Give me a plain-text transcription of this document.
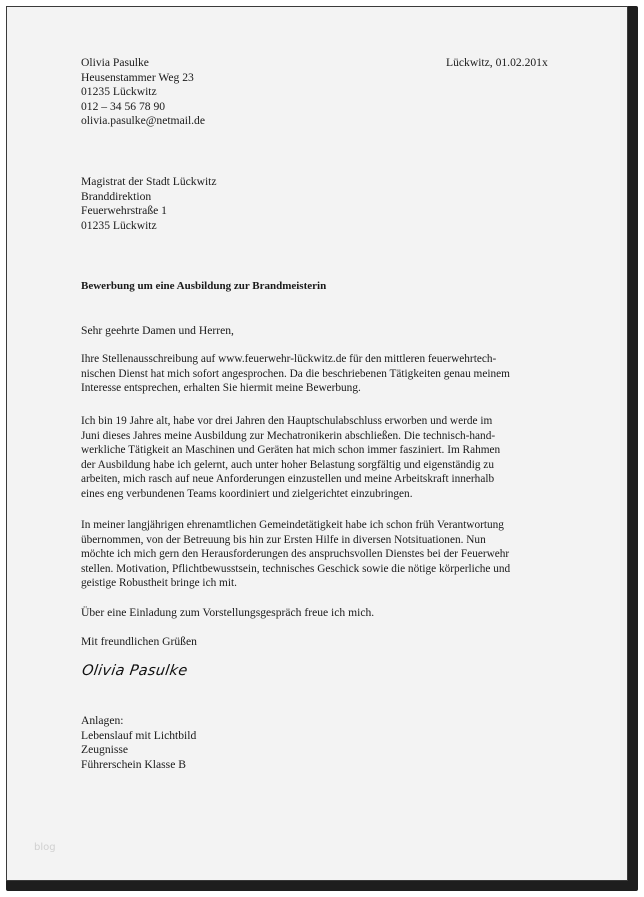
Olivia Pasulke
Heusenstammer Weg 23
01235 Lückwitz
012 – 34 56 78 90
olivia.pasulke@netmail.de
Lückwitz, 01.02.201x
Magistrat der Stadt Lückwitz
Branddirektion
Feuerwehrstraße 1
01235 Lückwitz
Bewerbung um eine Ausbildung zur Brandmeisterin
Sehr geehrte Damen und Herren,
Ihre Stellenausschreibung auf www.feuerwehr-lückwitz.de für den mittleren feuerwehrtech-
nischen Dienst hat mich sofort angesprochen. Da die beschriebenen Tätigkeiten genau meinem
Interesse entsprechen, erhalten Sie hiermit meine Bewerbung.
Ich bin 19 Jahre alt, habe vor drei Jahren den Hauptschulabschluss erworben und werde im
Juni dieses Jahres meine Ausbildung zur Mechatronikerin abschließen. Die technisch-hand-
werkliche Tätigkeit an Maschinen und Geräten hat mich schon immer fasziniert. Im Rahmen
der Ausbildung habe ich gelernt, auch unter hoher Belastung sorgfältig und eigenständig zu
arbeiten, mich rasch auf neue Anforderungen einzustellen und meine Arbeitskraft innerhalb
eines eng verbundenen Teams koordiniert und zielgerichtet einzubringen.
In meiner langjährigen ehrenamtlichen Gemeindetätigkeit habe ich schon früh Verantwortung
übernommen, von der Betreuung bis hin zur Ersten Hilfe in diversen Notsituationen. Nun
möchte ich mich gern den Herausforderungen des anspruchsvollen Dienstes bei der Feuerwehr
stellen. Motivation, Pflichtbewusstsein, technisches Geschick sowie die nötige körperliche und
geistige Robustheit bringe ich mit.
Über eine Einladung zum Vorstellungsgespräch freue ich mich.
Mit freundlichen Grüßen
Olivia Pasulke
Anlagen:
Lebenslauf mit Lichtbild
Zeugnisse
Führerschein Klasse B
blog
